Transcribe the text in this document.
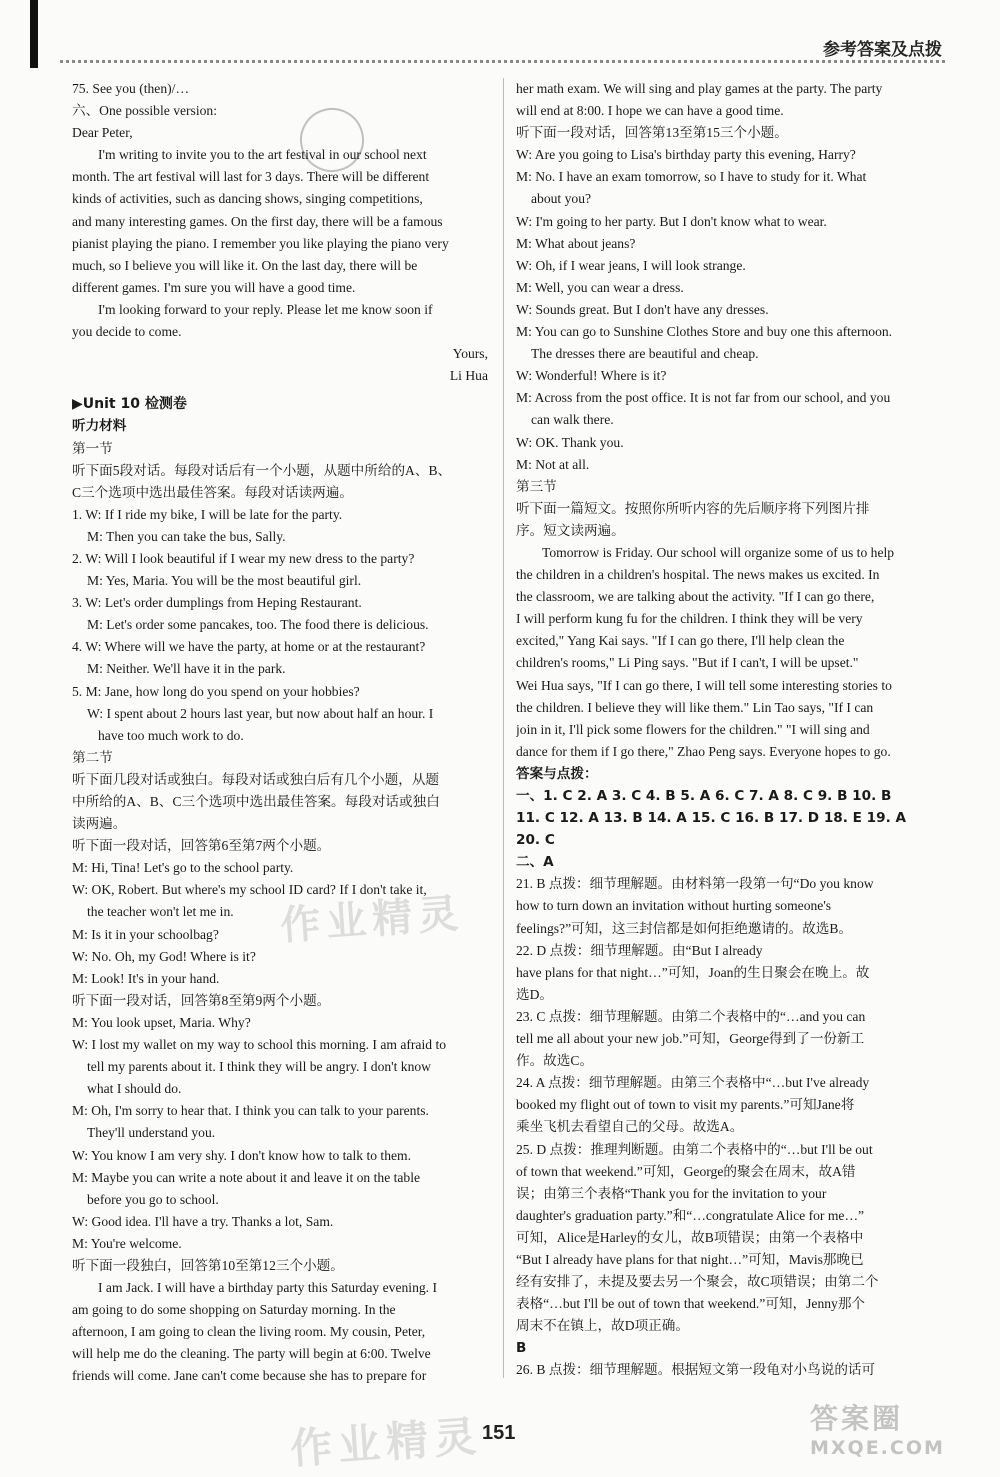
参考答案及点拨
75. See you (then)/…
六、One possible version:
Dear Peter,
I'm writing to invite you to the art festival in our school next
month. The art festival will last for 3 days. There will be different
kinds of activities, such as dancing shows, singing competitions,
and many interesting games. On the first day, there will be a famous
pianist playing the piano. I remember you like playing the piano very
much, so I believe you will like it. On the last day, there will be
different games. I'm sure you will have a good time.
I'm looking forward to your reply. Please let me know soon if
you decide to come.
Yours,
Li Hua
▶Unit 10 检测卷
听力材料
第一节
听下面5段对话。每段对话后有一个小题，从题中所给的A、B、
C三个选项中选出最佳答案。每段对话读两遍。
1. W: If I ride my bike, I will be late for the party.
M: Then you can take the bus, Sally.
2. W: Will I look beautiful if I wear my new dress to the party?
M: Yes, Maria. You will be the most beautiful girl.
3. W: Let's order dumplings from Heping Restaurant.
M: Let's order some pancakes, too. The food there is delicious.
4. W: Where will we have the party, at home or at the restaurant?
M: Neither. We'll have it in the park.
5. M: Jane, how long do you spend on your hobbies?
W: I spent about 2 hours last year, but now about half an hour. I
have too much work to do.
第二节
听下面几段对话或独白。每段对话或独白后有几个小题，从题
中所给的A、B、C三个选项中选出最佳答案。每段对话或独白
读两遍。
听下面一段对话，回答第6至第7两个小题。
M: Hi, Tina! Let's go to the school party.
W: OK, Robert. But where's my school ID card? If I don't take it,
the teacher won't let me in.
M: Is it in your schoolbag?
W: No. Oh, my God! Where is it?
M: Look! It's in your hand.
听下面一段对话，回答第8至第9两个小题。
M: You look upset, Maria. Why?
W: I lost my wallet on my way to school this morning. I am afraid to
tell my parents about it. I think they will be angry. I don't know
what I should do.
M: Oh, I'm sorry to hear that. I think you can talk to your parents.
They'll understand you.
W: You know I am very shy. I don't know how to talk to them.
M: Maybe you can write a note about it and leave it on the table
before you go to school.
W: Good idea. I'll have a try. Thanks a lot, Sam.
M: You're welcome.
听下面一段独白，回答第10至第12三个小题。
I am Jack. I will have a birthday party this Saturday evening. I
am going to do some shopping on Saturday morning. In the
afternoon, I am going to clean the living room. My cousin, Peter,
will help me do the cleaning. The party will begin at 6:00. Twelve
friends will come. Jane can't come because she has to prepare for
her math exam. We will sing and play games at the party. The party
will end at 8:00. I hope we can have a good time.
听下面一段对话，回答第13至第15三个小题。
W: Are you going to Lisa's birthday party this evening, Harry?
M: No. I have an exam tomorrow, so I have to study for it. What
about you?
W: I'm going to her party. But I don't know what to wear.
M: What about jeans?
W: Oh, if I wear jeans, I will look strange.
M: Well, you can wear a dress.
W: Sounds great. But I don't have any dresses.
M: You can go to Sunshine Clothes Store and buy one this afternoon.
The dresses there are beautiful and cheap.
W: Wonderful! Where is it?
M: Across from the post office. It is not far from our school, and you
can walk there.
W: OK. Thank you.
M: Not at all.
第三节
听下面一篇短文。按照你所听内容的先后顺序将下列图片排
序。短文读两遍。
Tomorrow is Friday. Our school will organize some of us to help
the children in a children's hospital. The news makes us excited. In
the classroom, we are talking about the activity. "If I can go there,
I will perform kung fu for the children. I think they will be very
excited," Yang Kai says. "If I can go there, I'll help clean the
children's rooms," Li Ping says. "But if I can't, I will be upset."
Wei Hua says, "If I can go there, I will tell some interesting stories to
the children. I believe they will like them." Lin Tao says, "If I can
join in it, I'll pick some flowers for the children." "I will sing and
dance for them if I go there," Zhao Peng says. Everyone hopes to go.
答案与点拨：
一、1. C 2. A 3. C 4. B 5. A 6. C 7. A 8. C 9. B 10. B
11. C 12. A 13. B 14. A 15. C 16. B 17. D 18. E 19. A
20. C
二、A
21. B 点拨：细节理解题。由材料第一段第一句“Do you know
how to turn down an invitation without hurting someone's
feelings?”可知，这三封信都是如何拒绝邀请的。故选B。
22. D 点拨：细节理解题。由“But I already
have plans for that night…”可知，Joan的生日聚会在晚上。故
选D。
23. C 点拨：细节理解题。由第二个表格中的“…and you can
tell me all about your new job.”可知，George得到了一份新工
作。故选C。
24. A 点拨：细节理解题。由第三个表格中“…but I've already
booked my flight out of town to visit my parents.”可知Jane将
乘坐飞机去看望自己的父母。故选A。
25. D 点拨：推理判断题。由第二个表格中的“…but I'll be out
of town that weekend.”可知，George的聚会在周末，故A错
误；由第三个表格“Thank you for the invitation to your
daughter's graduation party.”和“…congratulate Alice for me…”
可知，Alice是Harley的女儿，故B项错误；由第一个表格中
“But I already have plans for that night…”可知，Mavis那晚已
经有安排了，未提及要去另一个聚会，故C项错误；由第二个
表格“…but I'll be out of town that weekend.”可知，Jenny那个
周末不在镇上，故D项正确。
B
26. B 点拨：细节理解题。根据短文第一段龟对小鸟说的话可
作业精灵
作业精灵
151	答案圈
MXQE.COM
